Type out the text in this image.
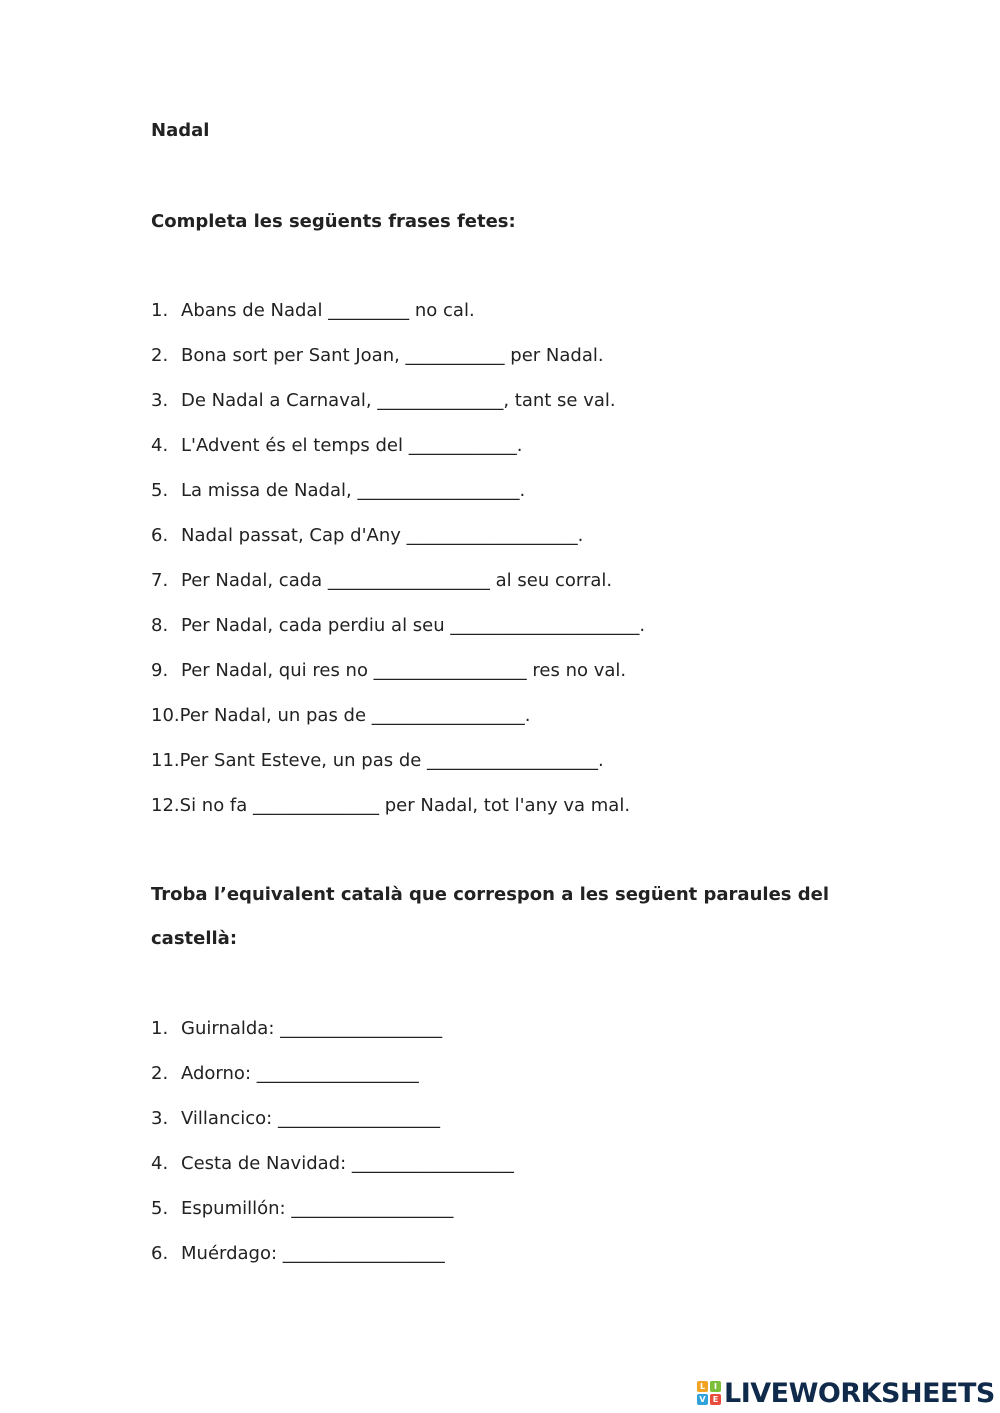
Nadal
Completa les següents frases fetes:
1. Abans de Nadal _________ no cal.
2. Bona sort per Sant Joan, ___________ per Nadal.
3. De Nadal a Carnaval, ______________, tant se val.
4. L'Advent és el temps del ____________.
5. La missa de Nadal, __________________.
6. Nadal passat, Cap d'Any ___________________.
7. Per Nadal, cada __________________ al seu corral.
8. Per Nadal, cada perdiu al seu _____________________.
9. Per Nadal, qui res no _________________ res no val.
10. Per Nadal, un pas de _________________.
11. Per Sant Esteve, un pas de ___________________.
12. Si no fa ______________ per Nadal, tot l'any va mal.
Troba l’equivalent català que correspon a les següent paraules del castellà:
1. Guirnalda: __________________
2. Adorno: __________________
3. Villancico: __________________
4. Cesta de Navidad: __________________
5. Espumillón: __________________
6. Muérdago: __________________
L	I
V E LIVEWORKSHEETS
